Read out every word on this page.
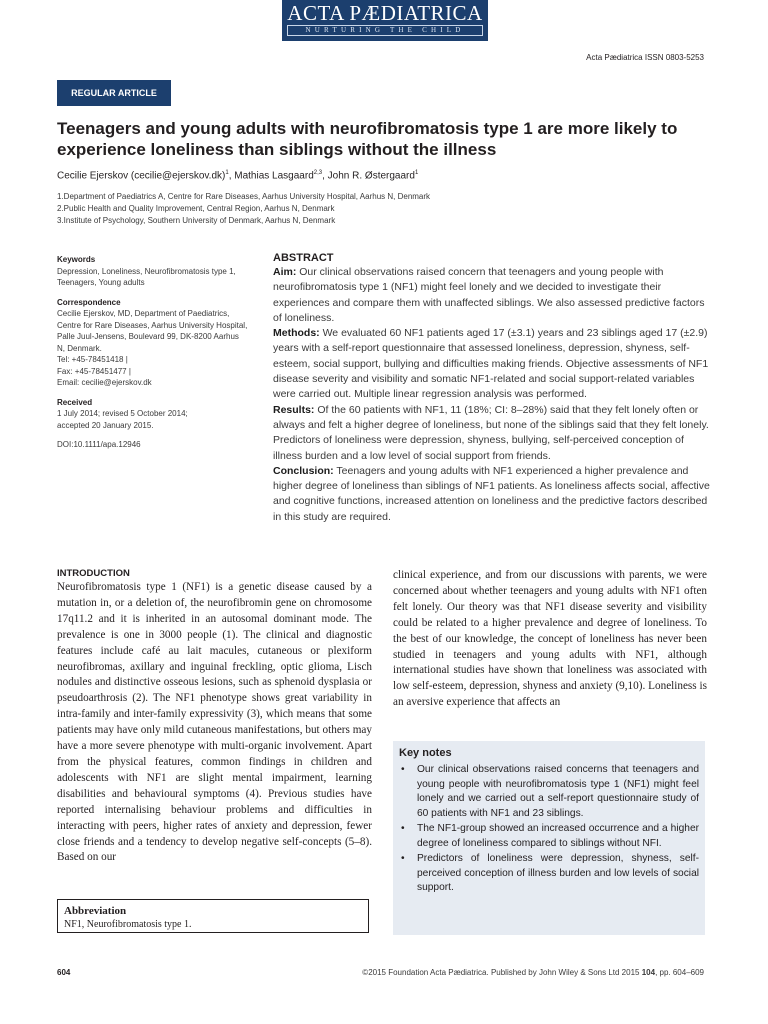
ACTA PÆDIATRICA
NURTURING THE CHILD
Acta Pædiatrica ISSN 0803-5253
REGULAR ARTICLE
Teenagers and young adults with neurofibromatosis type 1 are more likely to experience loneliness than siblings without the illness
Cecilie Ejerskov (cecilie@ejerskov.dk)$^1$, Mathias Lasgaard$^{2,3}$, John R. Østergaard$^1$
1.Department of Paediatrics A, Centre for Rare Diseases, Aarhus University Hospital, Aarhus N, Denmark
2.Public Health and Quality Improvement, Central Region, Aarhus N, Denmark
3.Institute of Psychology, Southern University of Denmark, Aarhus N, Denmark
Keywords
Depression, Loneliness, Neurofibromatosis type 1, Teenagers, Young adults
Correspondence
Cecilie Ejerskov, MD, Department of Paediatrics,
Centre for Rare Diseases, Aarhus University Hospital,
Palle Juul-Jensens, Boulevard 99, DK-8200 Aarhus
N, Denmark.
Tel: +45-78451418 |
Fax: +45-78451477 |
Email: cecilie@ejerskov.dk
Received
1 July 2014; revised 5 October 2014;
accepted 20 January 2015.
DOI:10.1111/apa.12946
ABSTRACT

Aim: Our clinical observations raised concern that teenagers and young people with neurofibromatosis type 1 (NF1) might feel lonely and we decided to investigate their experiences and compare them with unaffected siblings. We also assessed predictive factors of loneliness.

Methods: We evaluated 60 NF1 patients aged 17 (±3.1) years and 23 siblings aged 17 (±2.9) years with a self-report questionnaire that assessed loneliness, depression, shyness, self-esteem, social support, bullying and difficulties making friends. Objective assessments of NF1 disease severity and visibility and somatic NF1-related and social support-related variables were carried out. Multiple linear regression analysis was performed.

Results: Of the 60 patients with NF1, 11 (18%; CI: 8–28%) said that they felt lonely often or always and felt a higher degree of loneliness, but none of the siblings said that they felt lonely. Predictors of loneliness were depression, shyness, bullying, self-perceived conception of illness burden and a low level of social support from friends.

Conclusion: Teenagers and young adults with NF1 experienced a higher prevalence and higher degree of loneliness than siblings of NF1 patients. As loneliness affects social, affective and cognitive functions, increased attention on loneliness and the predictive factors described in this study are required.

INTRODUCTION

Neurofibromatosis type 1 (NF1) is a genetic disease caused by a mutation in, or a deletion of, the neurofibromin gene on chromosome 17q11.2 and it is inherited in an autosomal dominant mode. The prevalence is one in 3000 people (1). The clinical and diagnostic features include café au lait macules, cutaneous or plexiform neurofibromas, axillary and inguinal freckling, optic glioma, Lisch nodules and distinctive osseous lesions, such as sphenoid dysplasia or pseudoarthrosis (2). The NF1 phenotype shows great variability in intra-family and inter-family expressivity (3), which means that some patients may have only mild cutaneous manifestations, but others may have a more severe phenotype with multi-organic involvement. Apart from the physical features, common findings in children and adolescents with NF1 are slight mental impairment, learning disabilities and behavioural symptoms (4). Previous studies have reported internalising behaviour problems and difficulties in interacting with peers, higher rates of anxiety and depression, fewer close friends and a tendency to develop negative self-concepts (5–8). Based on our

Abbreviation
NF1, Neurofibromatosis type 1.

clinical experience, and from our discussions with parents, we were concerned about whether teenagers and young adults with NF1 often felt lonely. Our theory was that NF1 disease severity and visibility could be related to a higher prevalence and degree of loneliness. To the best of our knowledge, the concept of loneliness has never been studied in teenagers and young adults with NF1, although international studies have shown that loneliness was associated with low self-esteem, depression, shyness and anxiety (9,10). Loneliness is an aversive experience that affects an

Key notes
• Our clinical observations raised concerns that teenagers and young people with neurofibromatosis type 1 (NF1) might feel lonely and we carried out a self-report questionnaire study of 60 patients with NF1 and 23 siblings.
• The NF1-group showed an increased occurrence and a higher degree of loneliness compared to siblings without NFI.
• Predictors of loneliness were depression, shyness, self-perceived conception of illness burden and low levels of social support.
604	©2015 Foundation Acta Pædiatrica. Published by John Wiley & Sons Ltd 2015 104, pp. 604–609
